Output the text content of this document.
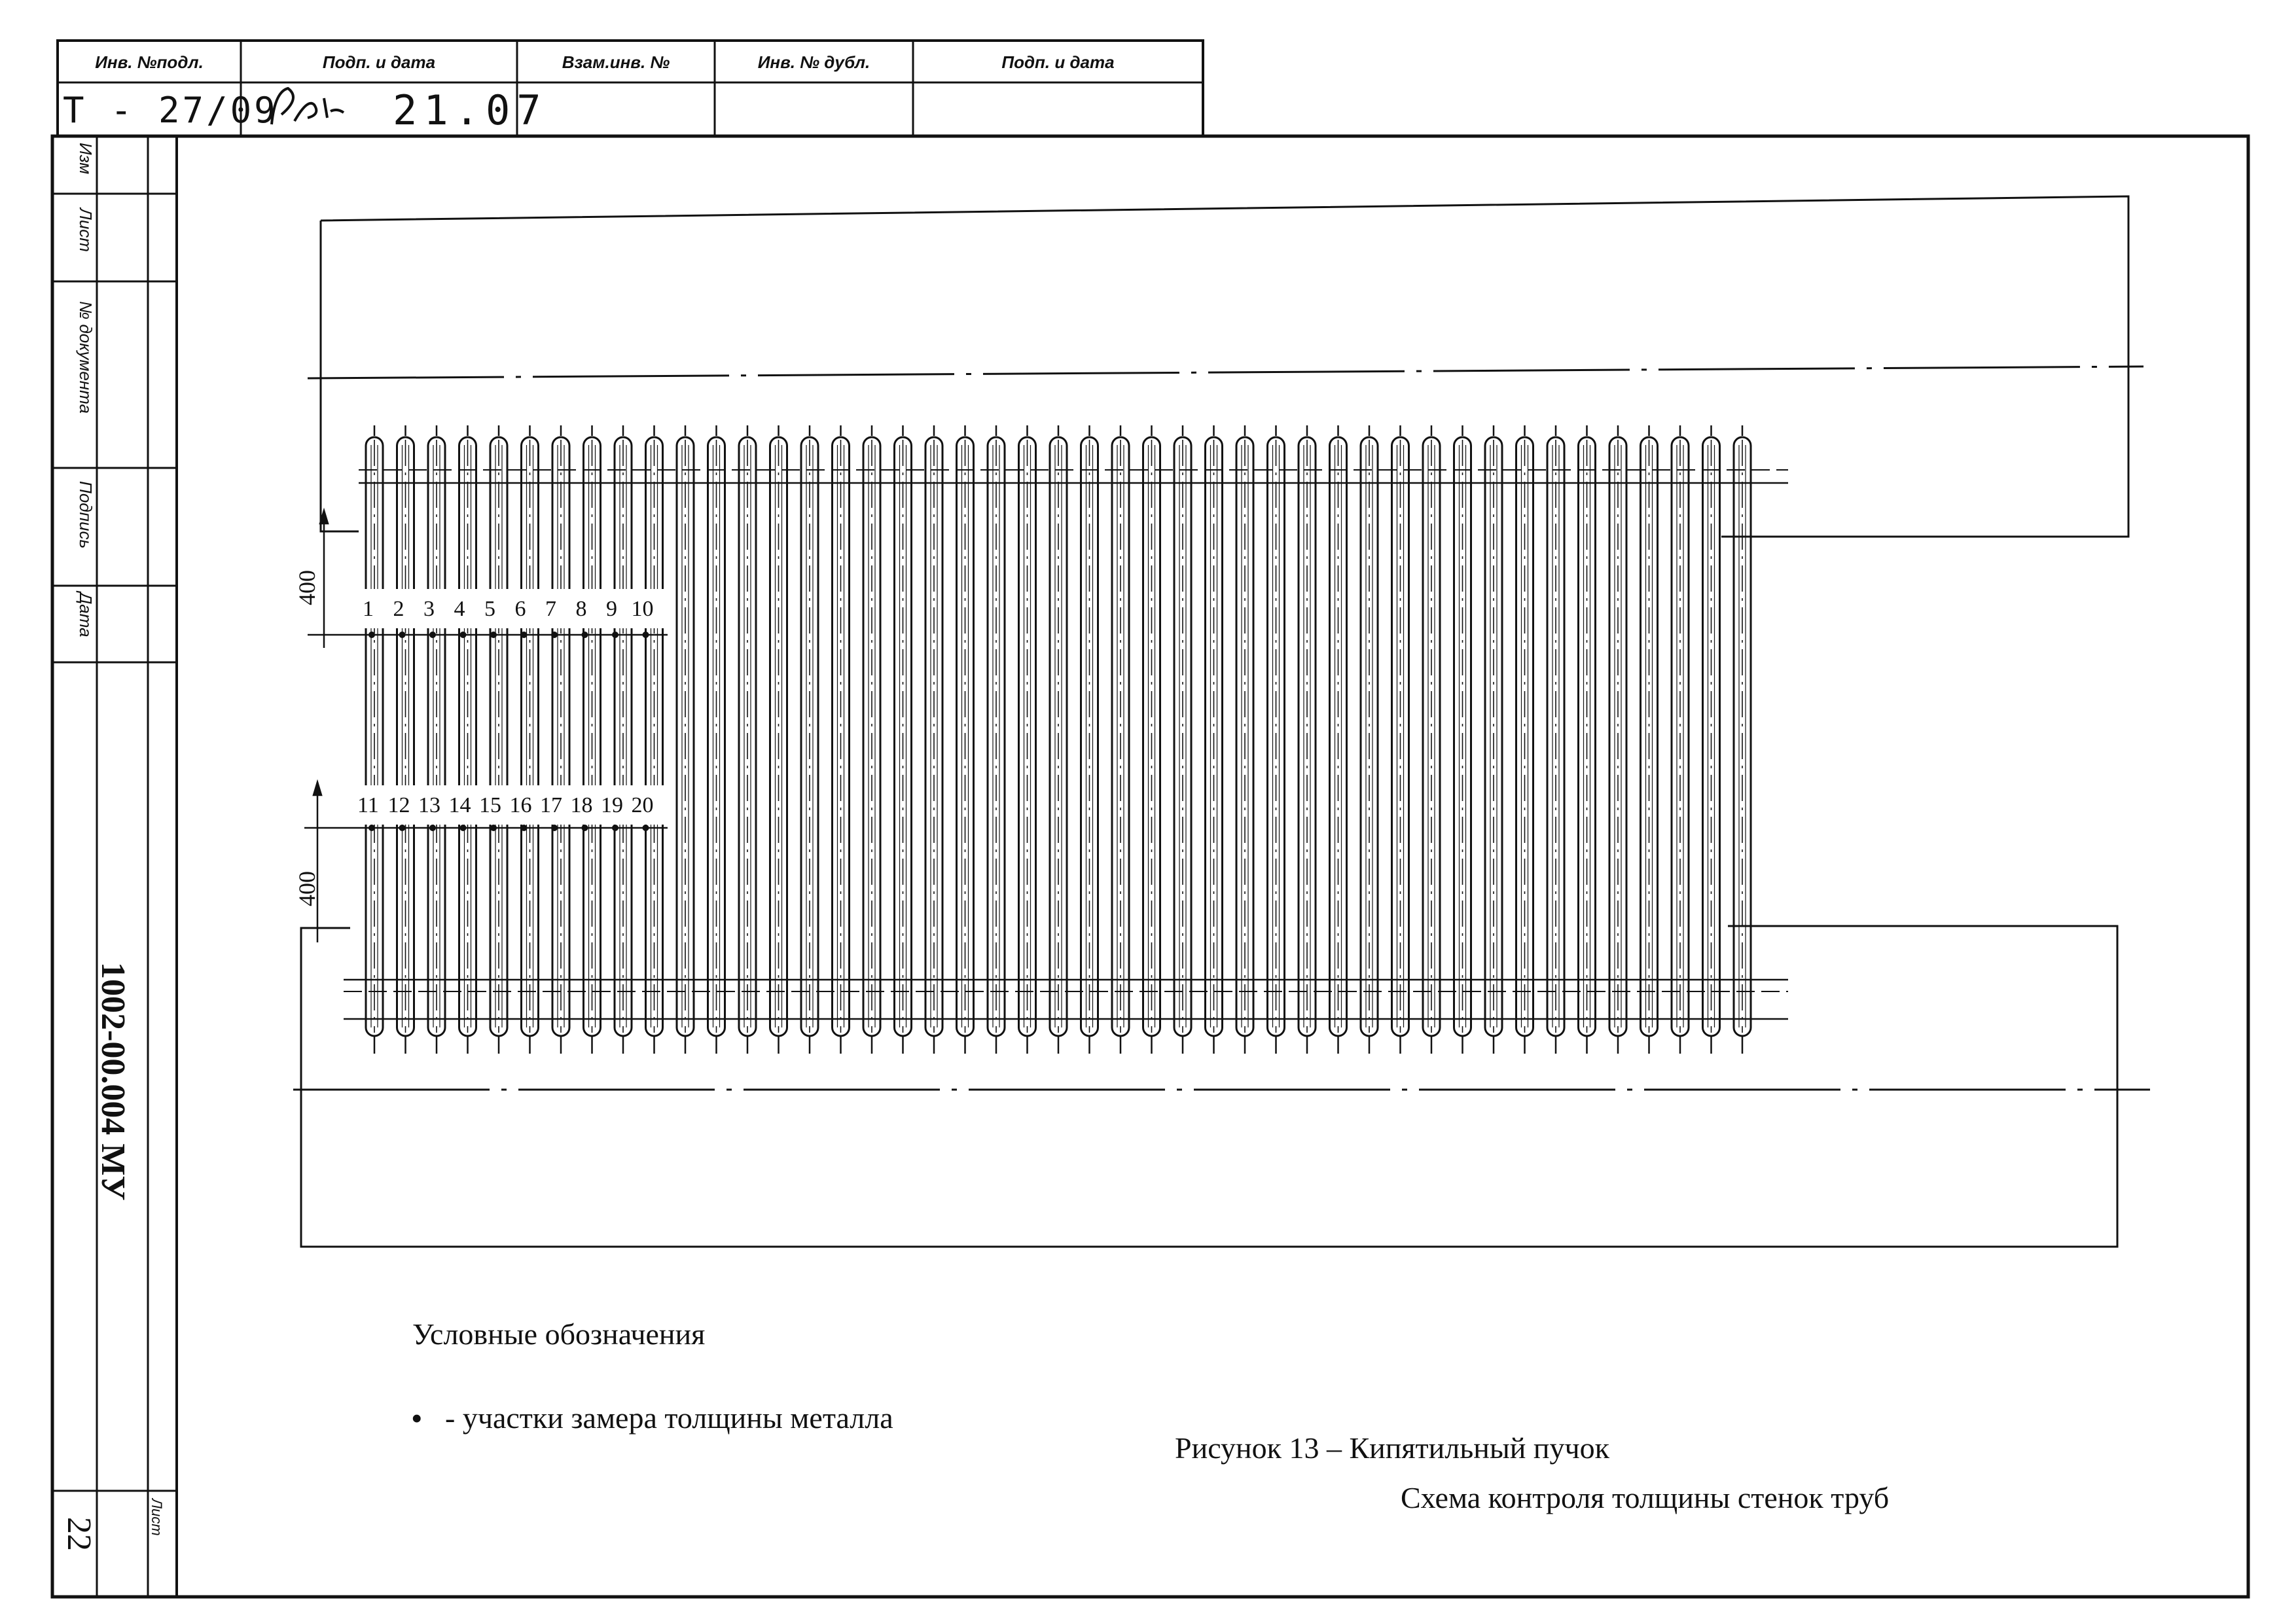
Инв. №подл.	Подп. и дата	Взам.инв. №	Инв. № дубл.	Подп. и дата
Т - 27/09	21.07
Изм
Лист
№ документа
Подпись
Дата
1002-00.004 МУ
22	Лист
400
400
1 2 3 4 5 6 7 8 9 10
11 12 13 14 15 16 17 18 19 20
Условные обозначения
• - участки замера толщины металла
Рисунок 13 – Кипятильный пучок
Схема контроля толщины стенок труб
